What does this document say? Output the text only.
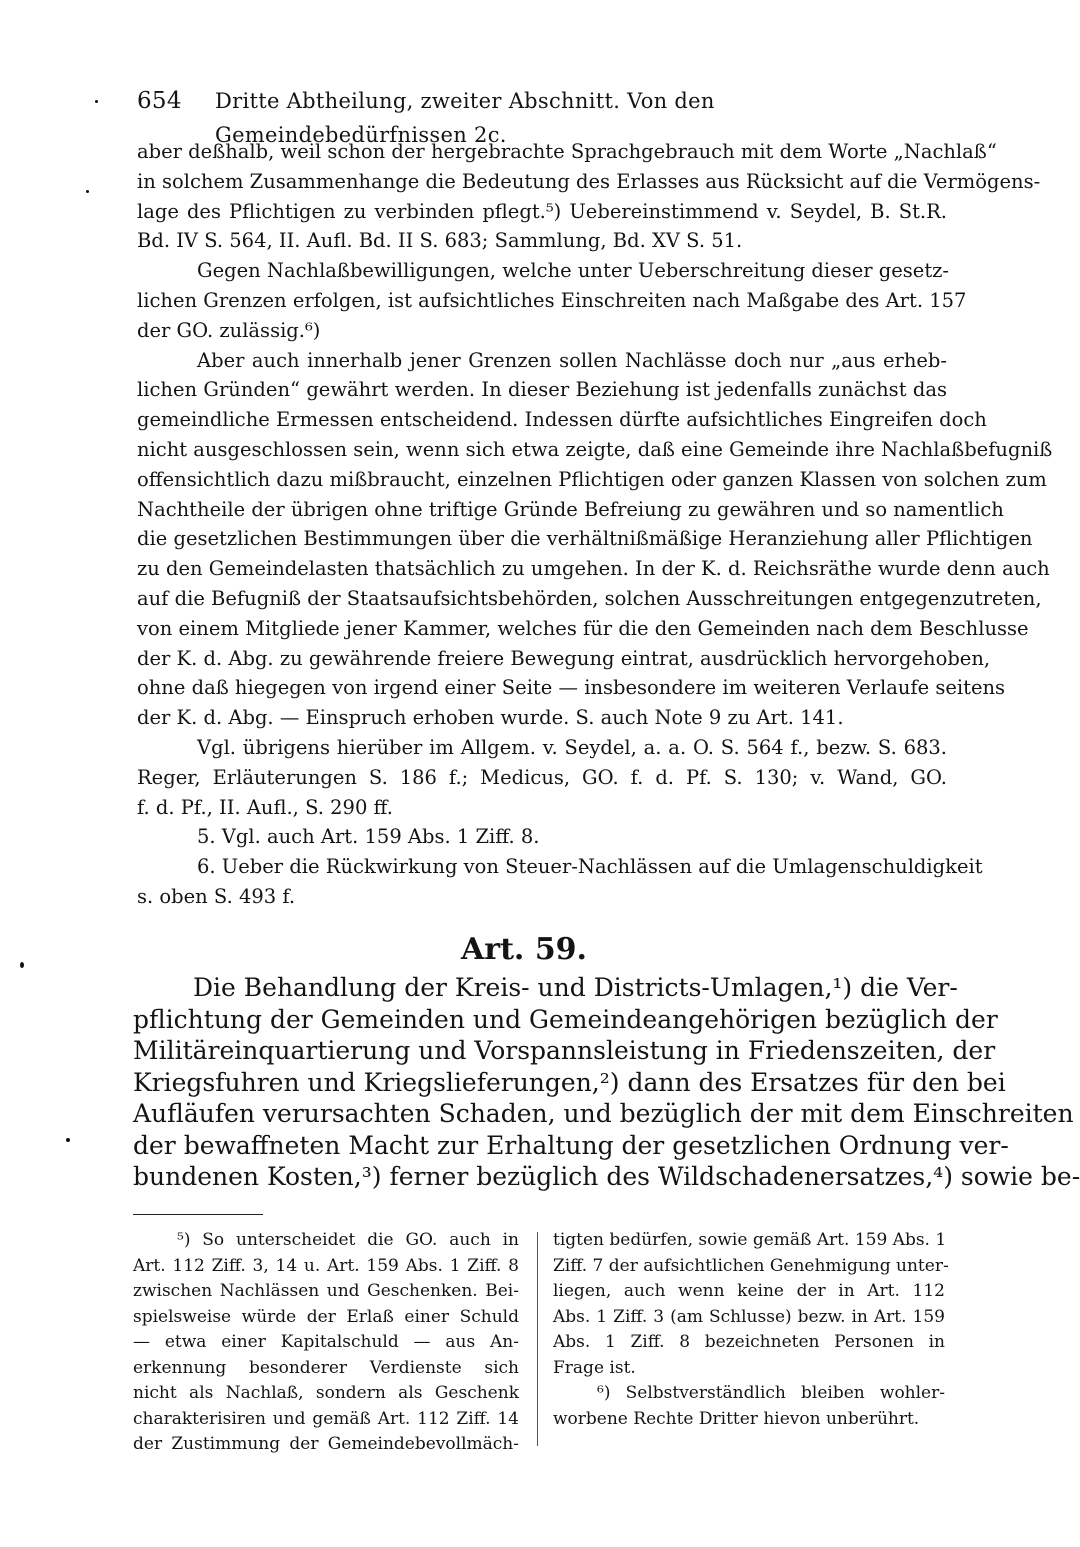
654 Dritte Abtheilung, zweiter Abschnitt. Von den Gemeindebedürfnissen 2c.
aber deßhalb, weil schon der hergebrachte Sprachgebrauch mit dem Worte „Nachlaß“
in solchem Zusammenhange die Bedeutung des Erlasses aus Rücksicht auf die Vermögens-
lage des Pflichtigen zu verbinden pflegt.⁵) Uebereinstimmend v. Seydel, B. St.R.
Bd. IV S. 564, II. Aufl. Bd. II S. 683; Sammlung, Bd. XV S. 51.
Gegen Nachlaßbewilligungen, welche unter Ueberschreitung dieser gesetz-
lichen Grenzen erfolgen, ist aufsichtliches Einschreiten nach Maßgabe des Art. 157
der GO. zulässig.⁶)
Aber auch innerhalb jener Grenzen sollen Nachlässe doch nur „aus erheb-
lichen Gründen“ gewährt werden. In dieser Beziehung ist jedenfalls zunächst das
gemeindliche Ermessen entscheidend. Indessen dürfte aufsichtliches Eingreifen doch
nicht ausgeschlossen sein, wenn sich etwa zeigte, daß eine Gemeinde ihre Nachlaßbefugniß
offensichtlich dazu mißbraucht, einzelnen Pflichtigen oder ganzen Klassen von solchen zum
Nachtheile der übrigen ohne triftige Gründe Befreiung zu gewähren und so namentlich
die gesetzlichen Bestimmungen über die verhältnißmäßige Heranziehung aller Pflichtigen
zu den Gemeindelasten thatsächlich zu umgehen. In der K. d. Reichsräthe wurde denn auch
auf die Befugniß der Staatsaufsichtsbehörden, solchen Ausschreitungen entgegenzutreten,
von einem Mitgliede jener Kammer, welches für die den Gemeinden nach dem Beschlusse
der K. d. Abg. zu gewährende freiere Bewegung eintrat, ausdrücklich hervorgehoben,
ohne daß hiegegen von irgend einer Seite — insbesondere im weiteren Verlaufe seitens
der K. d. Abg. — Einspruch erhoben wurde. S. auch Note 9 zu Art. 141.
Vgl. übrigens hierüber im Allgem. v. Seydel, a. a. O. S. 564 f., bezw. S. 683.
Reger, Erläuterungen S. 186 f.; Medicus, GO. f. d. Pf. S. 130; v. Wand, GO.
f. d. Pf., II. Aufl., S. 290 ff.
5. Vgl. auch Art. 159 Abs. 1 Ziff. 8.
6. Ueber die Rückwirkung von Steuer-Nachlässen auf die Umlagenschuldigkeit
s. oben S. 493 f.
Art. 59.
Die Behandlung der Kreis- und Districts-Umlagen,¹) die Ver-
pflichtung der Gemeinden und Gemeindeangehörigen bezüglich der
Militäreinquartierung und Vorspannsleistung in Friedenszeiten, der
Kriegsfuhren und Kriegslieferungen,²) dann des Ersatzes für den bei
Aufläufen verursachten Schaden, und bezüglich der mit dem Einschreiten
der bewaffneten Macht zur Erhaltung der gesetzlichen Ordnung ver-
bundenen Kosten,³) ferner bezüglich des Wildschadenersatzes,⁴) sowie be-
⁵) So unterscheidet die GO. auch in
Art. 112 Ziff. 3, 14 u. Art. 159 Abs. 1 Ziff. 8
zwischen Nachlässen und Geschenken. Bei-
spielsweise würde der Erlaß einer Schuld
— etwa einer Kapitalschuld — aus An-
erkennung besonderer Verdienste sich
nicht als Nachlaß, sondern als Geschenk
charakterisiren und gemäß Art. 112 Ziff. 14
der Zustimmung der Gemeindebevollmäch-
tigten bedürfen, sowie gemäß Art. 159 Abs. 1
Ziff. 7 der aufsichtlichen Genehmigung unter-
liegen, auch wenn keine der in Art. 112
Abs. 1 Ziff. 3 (am Schlusse) bezw. in Art. 159
Abs. 1 Ziff. 8 bezeichneten Personen in
Frage ist.
⁶) Selbstverständlich bleiben wohler-
worbene Rechte Dritter hievon unberührt.
